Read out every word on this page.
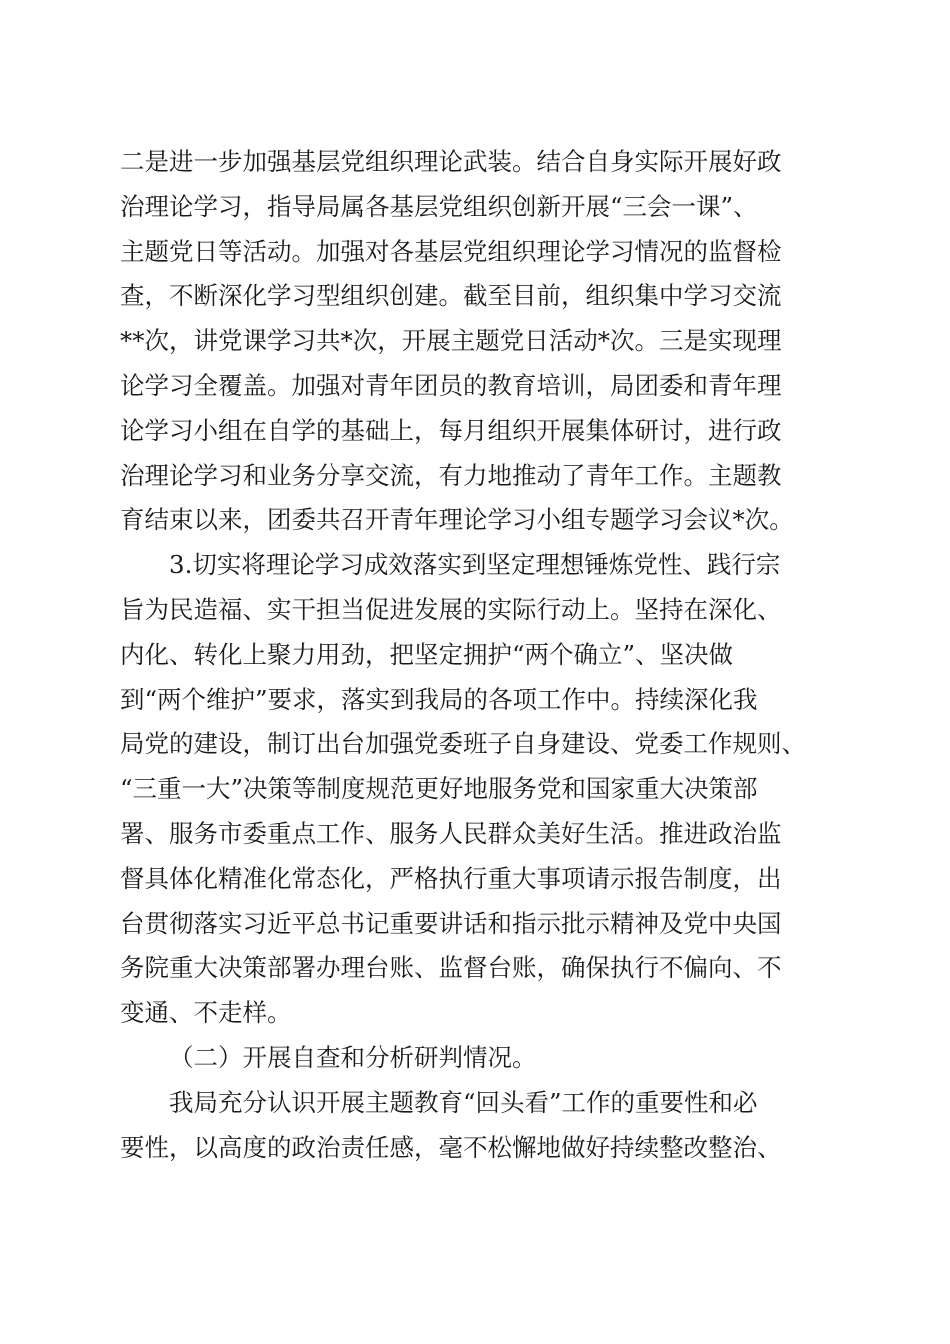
二是进一步加强基层党组织理论武装。结合自身实际开展好政
治理论学习，指导局属各基层党组织创新开展“三会一课”、
主题党日等活动。加强对各基层党组织理论学习情况的监督检
查，不断深化学习型组织创建。截至目前，组织集中学习交流
**次，讲党课学习共*次，开展主题党日活动*次。三是实现理
论学习全覆盖。加强对青年团员的教育培训，局团委和青年理
论学习小组在自学的基础上，每月组织开展集体研讨，进行政
治理论学习和业务分享交流，有力地推动了青年工作。主题教
育结束以来，团委共召开青年理论学习小组专题学习会议*次。
3.切实将理论学习成效落实到坚定理想锤炼党性、践行宗
旨为民造福、实干担当促进发展的实际行动上。坚持在深化、
内化、转化上聚力用劲，把坚定拥护“两个确立”、坚决做
到“两个维护”要求，落实到我局的各项工作中。持续深化我
局党的建设，制订出台加强党委班子自身建设、党委工作规则、
“三重一大”决策等制度规范更好地服务党和国家重大决策部
署、服务市委重点工作、服务人民群众美好生活。推进政治监
督具体化精准化常态化，严格执行重大事项请示报告制度，出
台贯彻落实习近平总书记重要讲话和指示批示精神及党中央国
务院重大决策部署办理台账、监督台账，确保执行不偏向、不
变通、不走样。
（二）开展自查和分析研判情况。
我局充分认识开展主题教育“回头看”工作的重要性和必
要性，以高度的政治责任感，毫不松懈地做好持续整改整治、
